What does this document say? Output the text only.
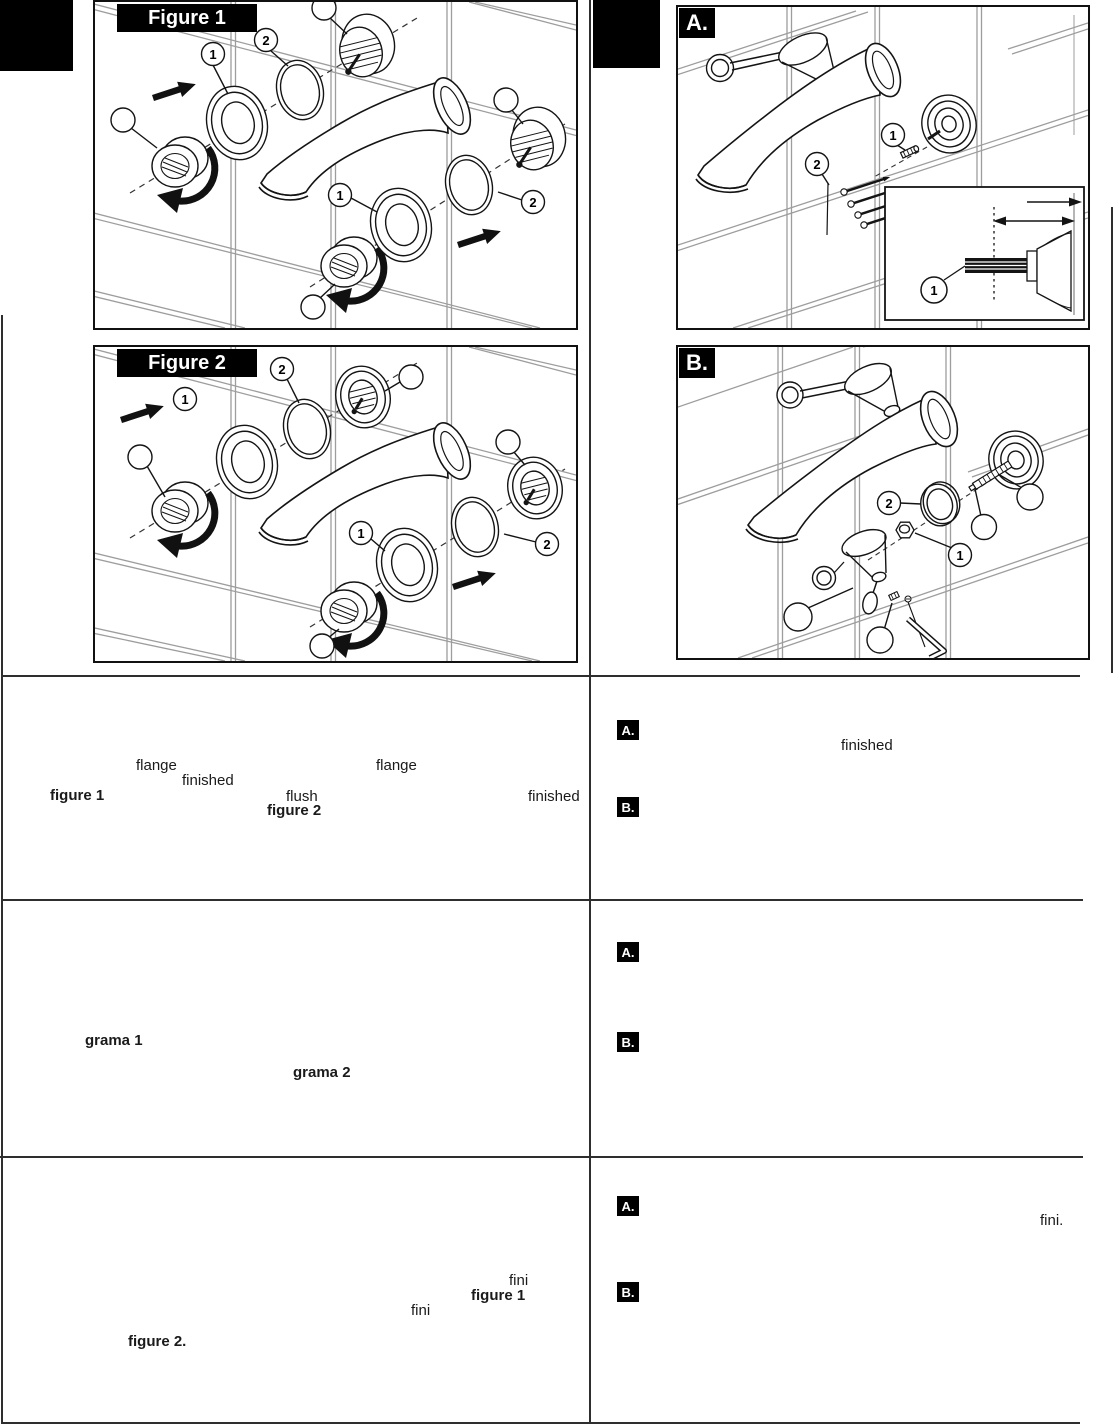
1
2
1	2
Figure 1
1
2
1
2
Figure 2
1
2
1
A.
2
1
B.
flange
finished
figure 1	flush
figure 2
flange
finished
A.
finished
B.
grama 1
grama 2
A.
B.
fini
figure 1
fini
figure 2.
A.
fini.
B.
